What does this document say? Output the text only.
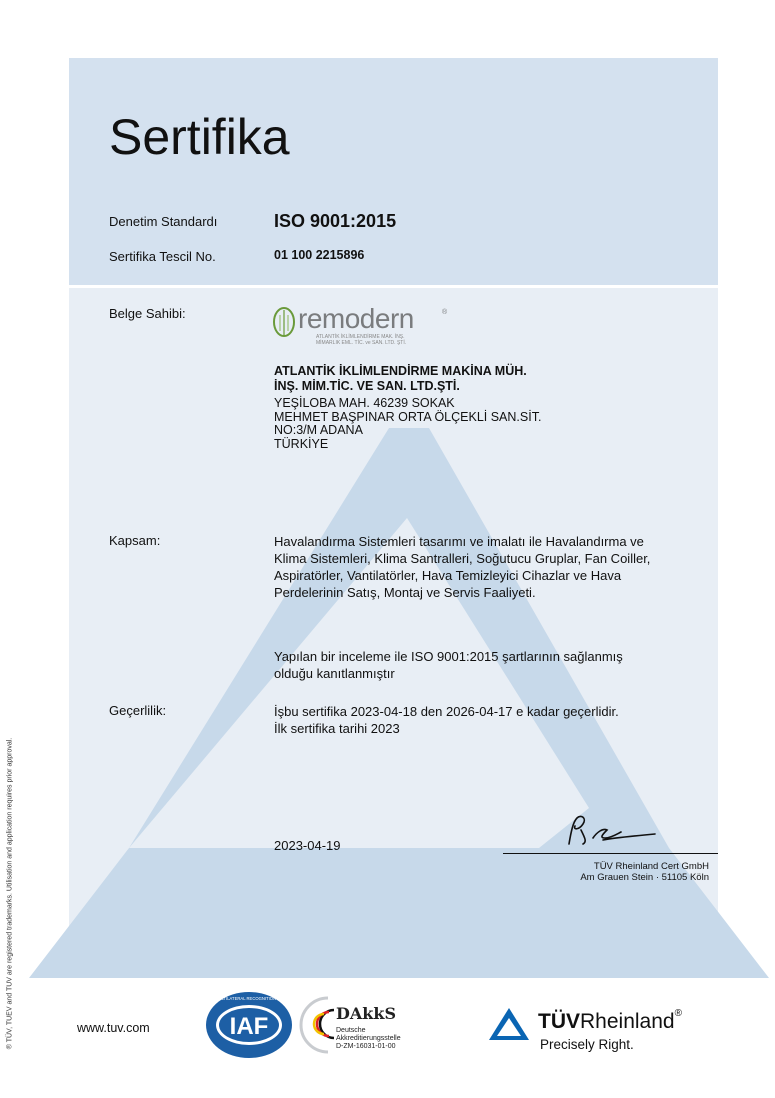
® TÜV, TUEV and TUV are registered trademarks. Utilisation and application requires prior approval.
Sertifika
Denetim Standardı	ISO 9001:2015
Sertifika Tescil No.	01 100 2215896
Belge Sahibi:	remodern	®
ATLANTİK İKLİMLENDİRME MAK. İNŞ.
MİMARLIK EML. TİC. ve SAN. LTD. ŞTİ.
ATLANTİK İKLİMLENDİRME MAKİNA MÜH.
İNŞ. MİM.TİC. VE SAN. LTD.ŞTİ.
YEŞİLOBA MAH. 46239 SOKAK
MEHMET BAŞPINAR ORTA ÖLÇEKLİ SAN.SİT.
NO:3/M ADANA
TÜRKİYE
Kapsam:	Havalandırma Sistemleri tasarımı ve imalatı ile Havalandırma ve
Klima Sistemleri, Klima Santralleri, Soğutucu Gruplar, Fan Coiller,
Aspiratörler, Vantilatörler, Hava Temizleyici Cihazlar ve Hava
Perdelerinin Satış, Montaj ve Servis Faaliyeti.
Yapılan bir inceleme ile ISO 9001:2015 şartlarının sağlanmış
olduğu kanıtlanmıştır
Geçerlilik:	İşbu sertifika 2023-04-18 den 2026-04-17 e kadar geçerlidir.
İlk sertifika tarihi 2023
2023-04-19
TÜV Rheinland Cert GmbH
Am Grauen Stein · 51105 Köln
www.tuv.com	IAF
MEMBER OF MULTILATERAL RECOGNITION ARRANGEMENT
DAkkS
Deutsche
Akkreditierungsstelle
D-ZM-16031-01-00
TÜVRheinland®
Precisely Right.
